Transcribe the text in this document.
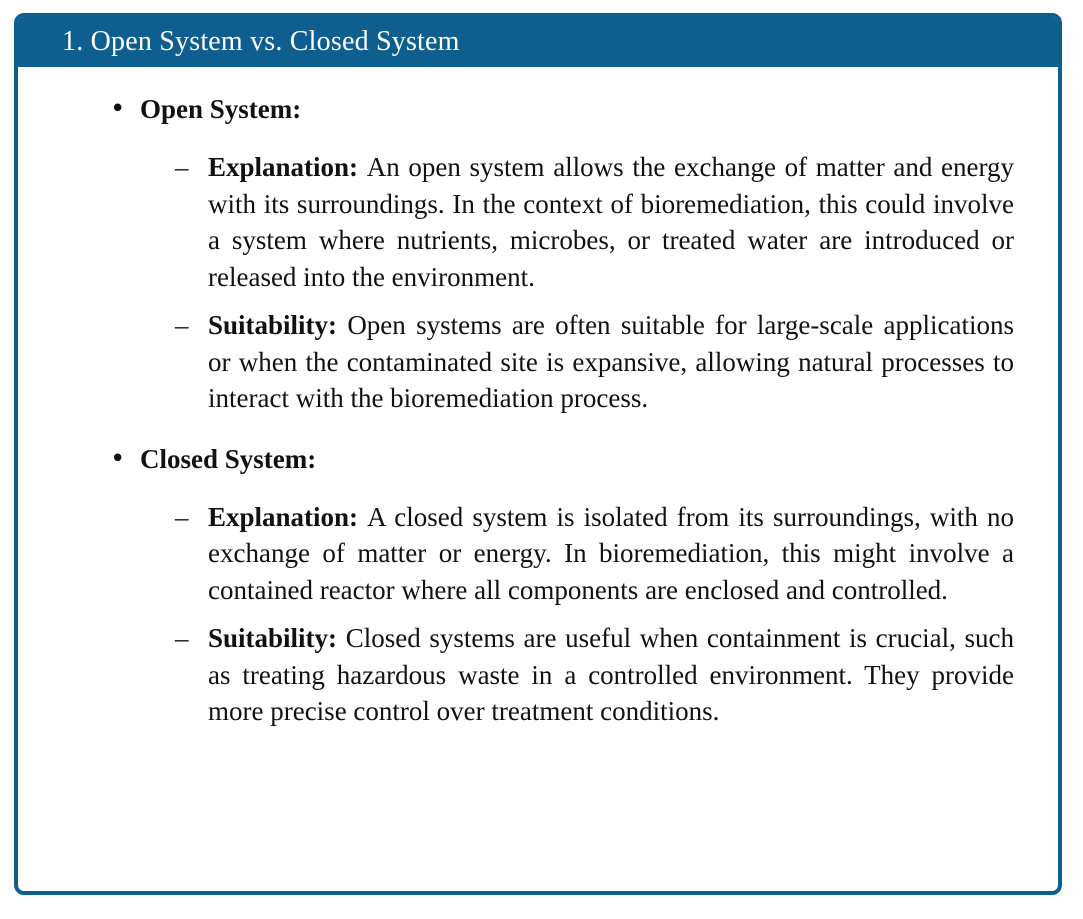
1. Open System vs. Closed System
• Open System:

– Explanation: An open system allows the exchange of matter and energy with its surroundings. In the context of bioremediation, this could involve a system where nutrients, microbes, or treated water are introduced or released into the environment.
– Suitability: Open systems are often suitable for large-scale applications or when the contaminated site is expansive, allowing natural processes to interact with the bioremediation process.
• Closed System:

– Explanation: A closed system is isolated from its surroundings, with no exchange of matter or energy. In bioremediation, this might involve a contained reactor where all components are enclosed and controlled.
– Suitability: Closed systems are useful when containment is crucial, such as treating hazardous waste in a controlled environment. They provide more precise control over treatment conditions.
